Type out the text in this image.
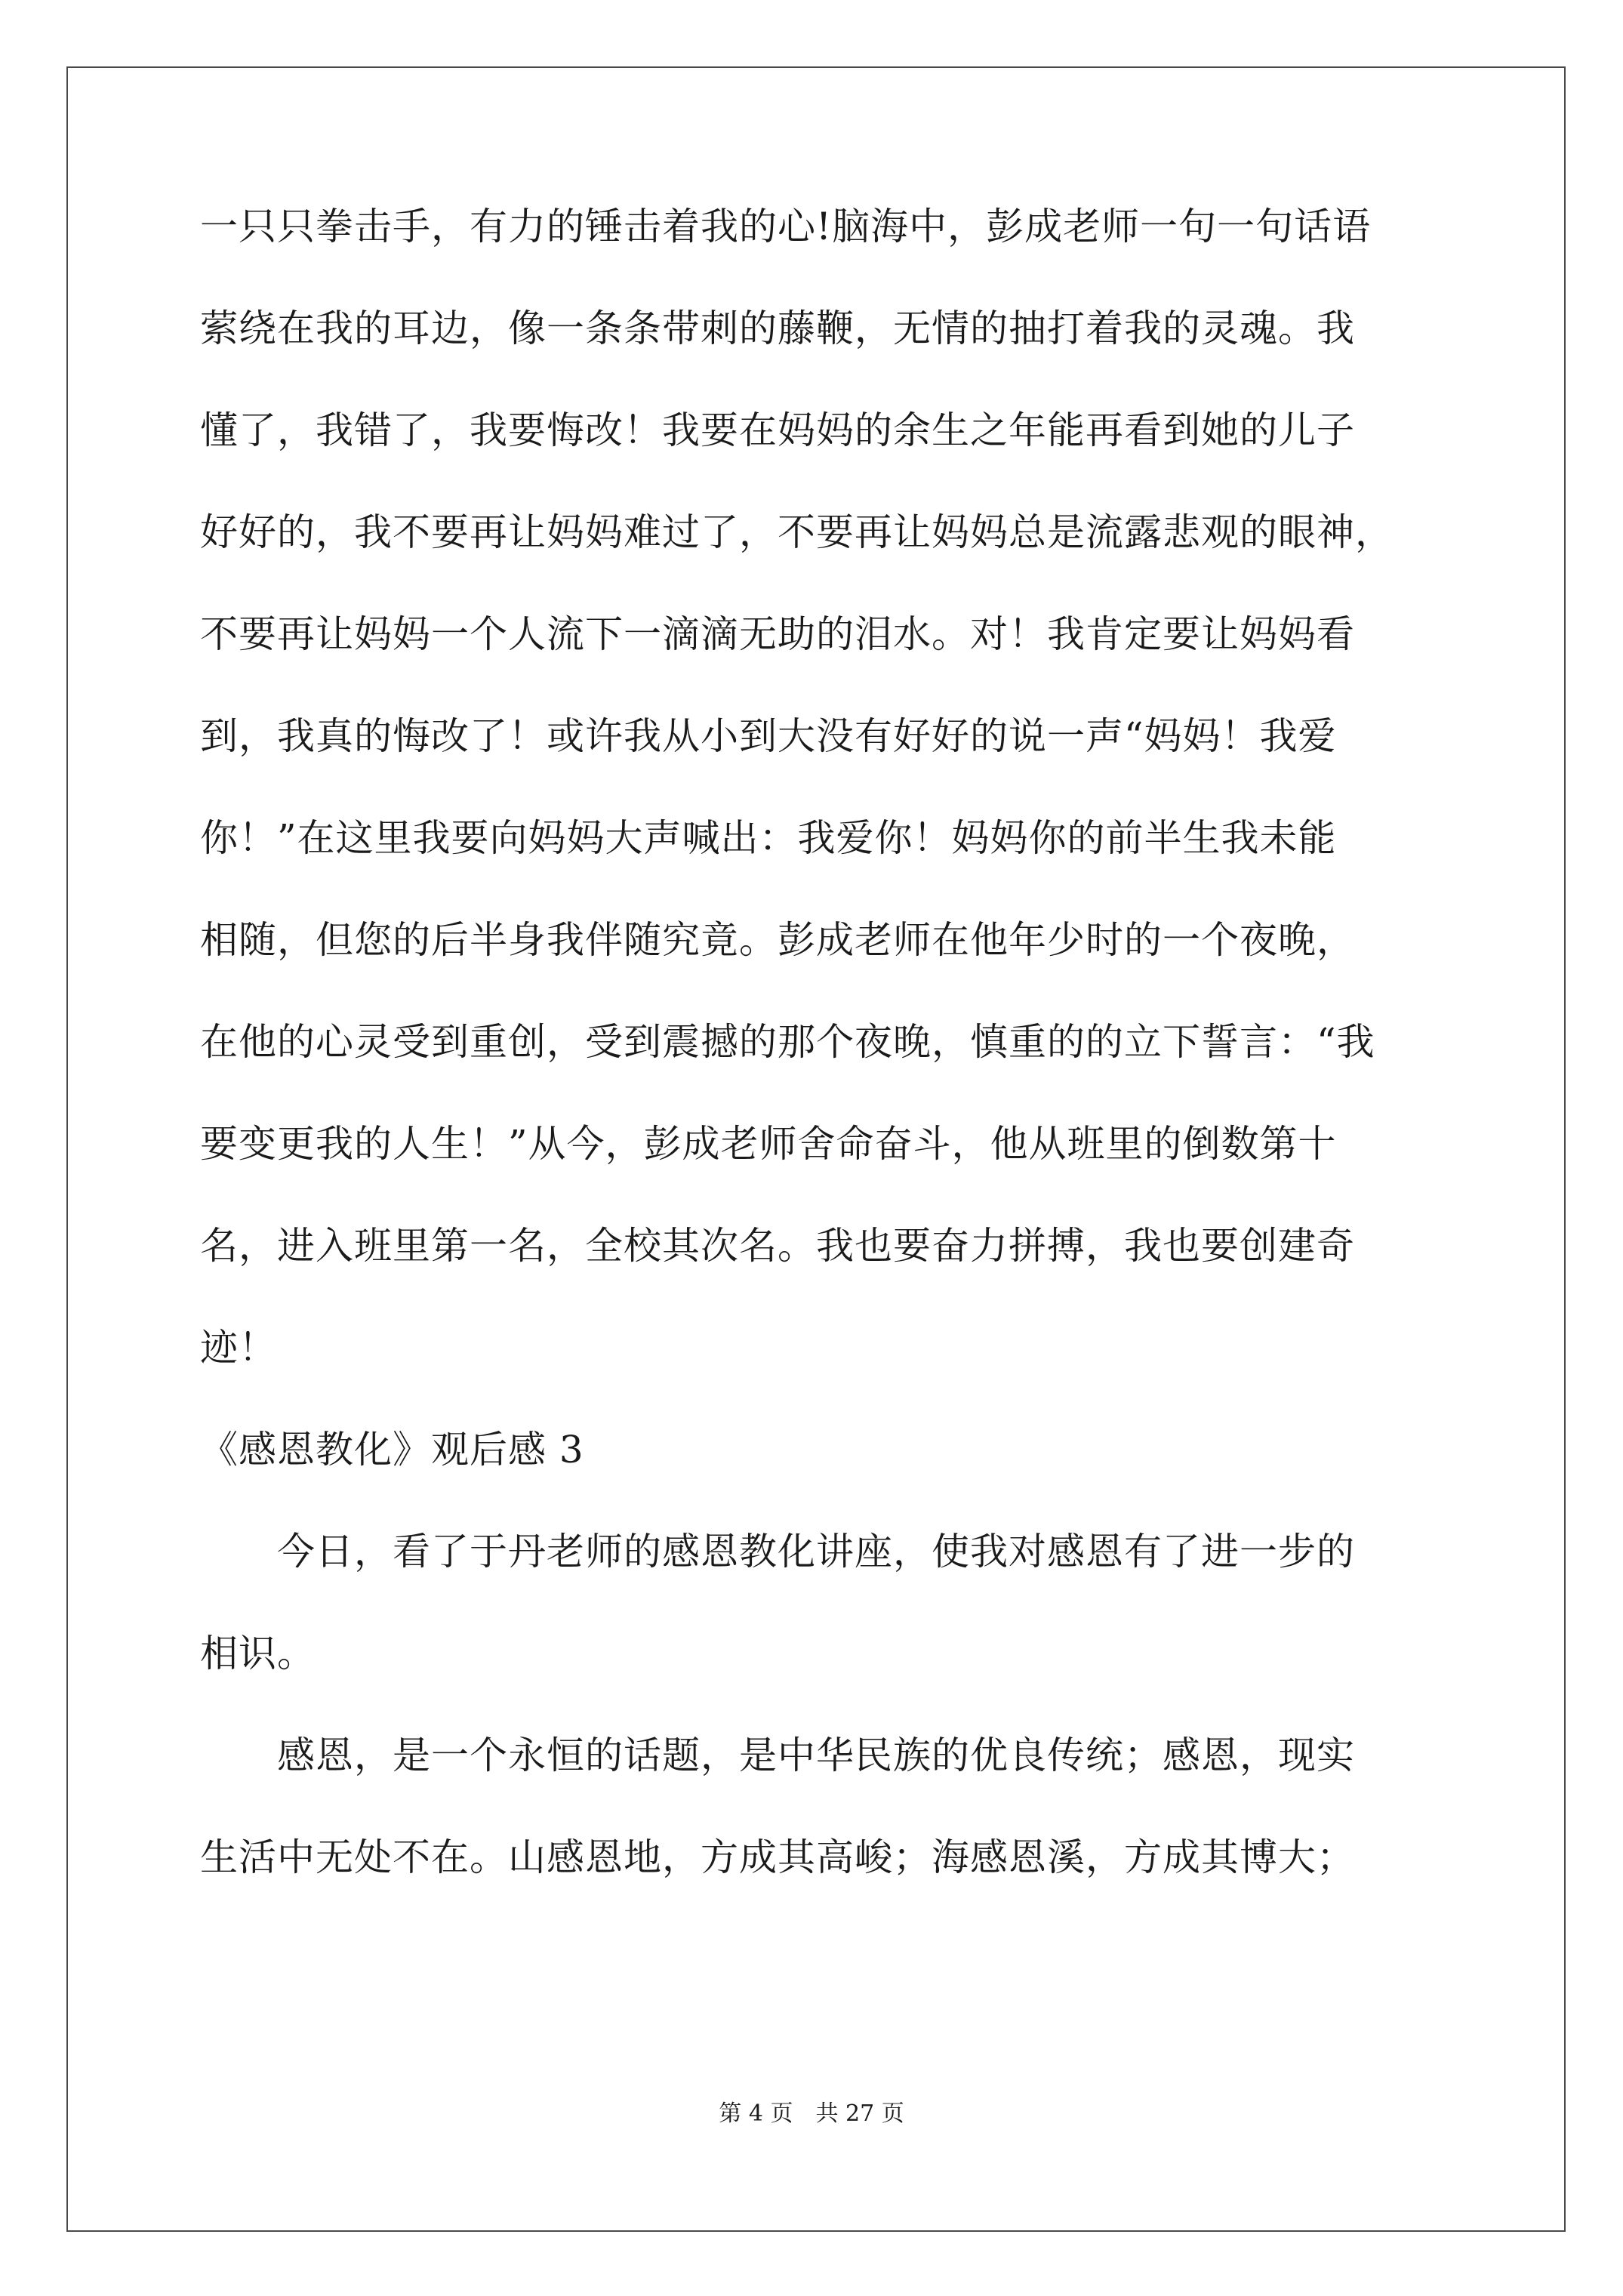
一只只拳击手，有力的锤击着我的心!脑海中，彭成老师一句一句话语
萦绕在我的耳边，像一条条带刺的藤鞭，无情的抽打着我的灵魂。我
懂了，我错了，我要悔改！我要在妈妈的余生之年能再看到她的儿子
好好的，我不要再让妈妈难过了，不要再让妈妈总是流露悲观的眼神，
不要再让妈妈一个人流下一滴滴无助的泪水。对！我肯定要让妈妈看
到，我真的悔改了！或许我从小到大没有好好的说一声“妈妈！我爱
你！”在这里我要向妈妈大声喊出：我爱你！妈妈你的前半生我未能
相随，但您的后半身我伴随究竟。彭成老师在他年少时的一个夜晚，
在他的心灵受到重创，受到震撼的那个夜晚，慎重的的立下誓言：“我
要变更我的人生！”从今，彭成老师舍命奋斗，他从班里的倒数第十
名，进入班里第一名，全校其次名。我也要奋力拼搏，我也要创建奇
迹！
《感恩教化》观后感 3
　　今日，看了于丹老师的感恩教化讲座，使我对感恩有了进一步的
相识。
　　感恩，是一个永恒的话题，是中华民族的优良传统；感恩，现实
生活中无处不在。山感恩地，方成其高峻；海感恩溪，方成其博大；
第 4 页　共 27 页
